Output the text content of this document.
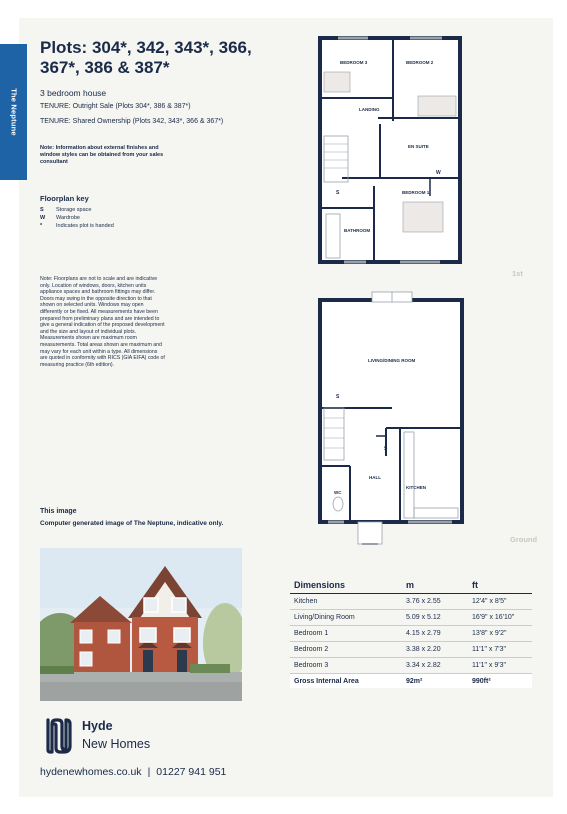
The Neptune
Plots: 304*, 342, 343*, 366, 367*, 386 & 387*
3 bedroom house
TENURE: Outright Sale (Plots 304*, 386 & 387*)
TENURE: Shared Ownership (Plots 342, 343*, 366 & 367*)
Note: Information about external finishes and window styles can be obtained from your sales consultant
Floorplan key
S Storage space
W Wardrobe
*	Indicates plot is handed
Note: Floorplans are not to scale and are indicative only. Location of windows, doors, kitchen units appliance spaces and bathroom fittings may differ. Doors may swing in the opposite direction to that shown on selected units. Windows may open differently or be fixed. All measurements have been prepared from preliminary plans and are intended to give a general indication of the proposed development and the size and layout of individual plots. Measurements shown are maximum room measurements. Total areas shown are maximum and may vary for each unit within a type. All dimensions are quoted in conformity with RICS (GIA EIFA) code of measuring practice (6th edition).
This image
Computer generated image of The Neptune, indicative only.
BEDROOM 3	BEDROOM 2
LANDING
EN SUITE
BEDROOM 1
BATHROOM
S
W
1st
LIVING/DINING ROOM
HALL
KITCHEN
WC
S
S
Ground
Dimensions	m	ft
Kitchen	3.76 x 2.55	12'4" x 8'5"
Living/Dining Room	5.09 x 5.12	16'9" x 16'10"
Bedroom 1	4.15 x 2.79	13'8" x 9'2"
Bedroom 2	3.38 x 2.20	11'1" x 7'3"
Bedroom 3	3.34 x 2.82	11'1" x 9'3"
Gross Internal Area	92m²	990ft²
Hyde
New Homes
hydenewhomes.co.uk | 01227 941 951
